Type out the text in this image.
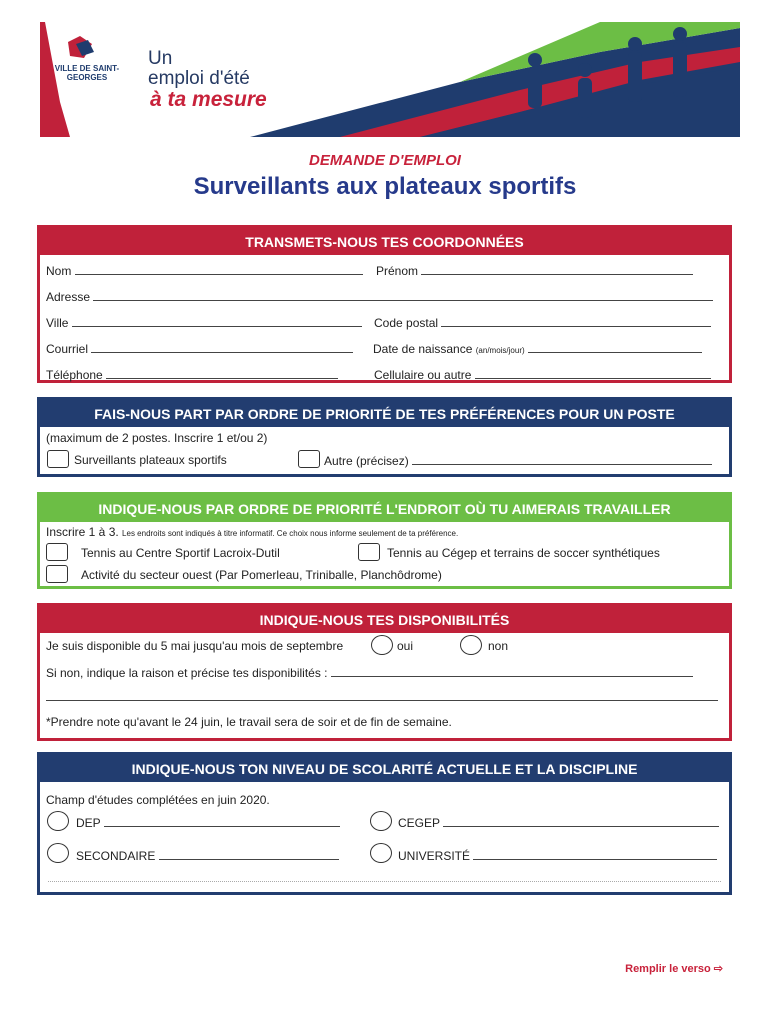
VILLE DE SAINT-GEORGES
Un
emploi d'été
à ta mesure
DEMANDE D'EMPLOI
Surveillants aux plateaux sportifs
TRANSMETS-NOUS TES COORDONNÉES
Nom	Prénom
Adresse
Ville	Code postal
Courriel	Date de naissance (an/mois/jour)
Téléphone	Cellulaire ou autre
FAIS-NOUS PART PAR ORDRE DE PRIORITÉ DE TES PRÉFÉRENCES POUR UN POSTE
(maximum de 2 postes. Inscrire 1 et/ou 2)
Surveillants plateaux sportifs	Autre (précisez)
INDIQUE-NOUS PAR ORDRE DE PRIORITÉ L'ENDROIT OÙ TU AIMERAIS TRAVAILLER
Inscrire 1 à 3. Les endroits sont indiqués à titre informatif. Ce choix nous informe seulement de ta préférence.
Tennis au Centre Sportif Lacroix-Dutil	Tennis au Cégep et terrains de soccer synthétiques
Activité du secteur ouest (Par Pomerleau, Triniballe, Planchôdrome)
INDIQUE-NOUS TES DISPONIBILITÉS
Je suis disponible du 5 mai jusqu'au mois de septembre	oui	non
Si non, indique la raison et précise tes disponibilités :
*Prendre note qu'avant le 24 juin, le travail sera de soir et de fin de semaine.
INDIQUE-NOUS TON NIVEAU DE SCOLARITÉ ACTUELLE ET LA DISCIPLINE
Champ d'études complétées en juin 2020.
DEP	CEGEP
SECONDAIRE	UNIVERSITÉ
Remplir le verso ⇨
